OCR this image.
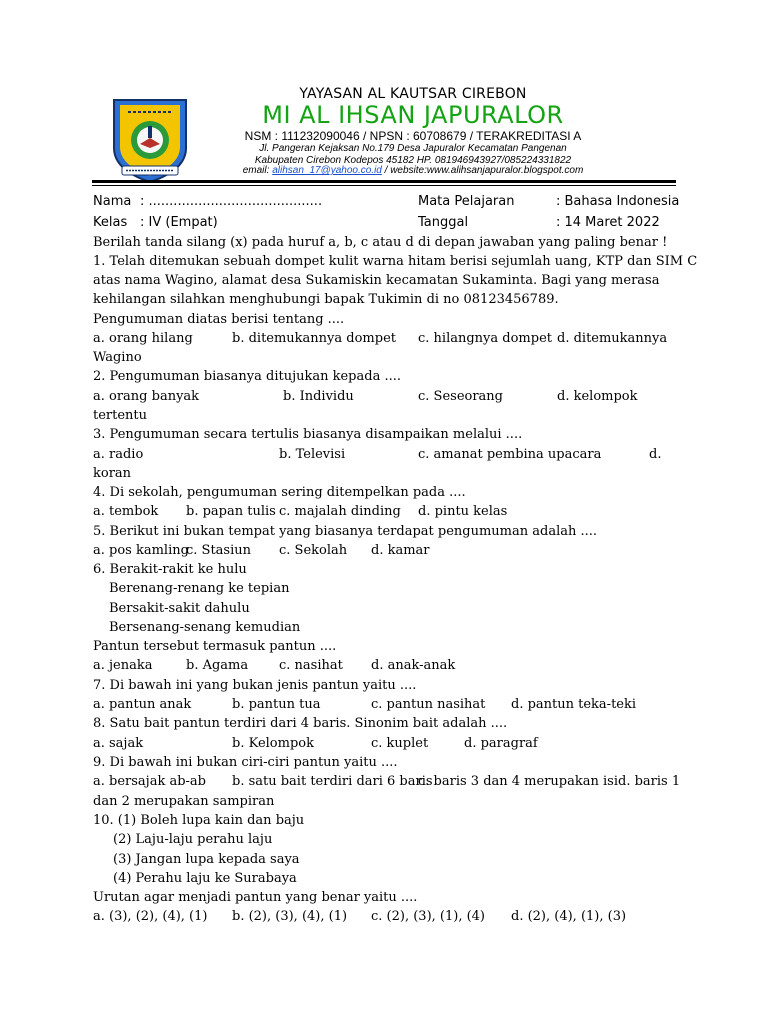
YAYASAN AL KAUTSAR CIREBON
MI AL IHSAN JAPURALOR
NSM : 111232090046 / NPSN : 60708679 / TERAKREDITASI A
Jl. Pangeran Kejaksan No.179 Desa Japuralor Kecamatan Pangenan
Kabupaten Cirebon Kodepos 45182 HP. 081946943927/085224331822
email: alihsan_17@yahoo.co.id / website:www.alihsanjapuralor.blogspot.com
Nama : ..........................................	Mata Pelajaran	: Bahasa Indonesia
Kelas : IV (Empat)	Tanggal	: 14 Maret 2022
Berilah tanda silang (x) pada huruf a, b, c atau d di depan jawaban yang paling benar !
1. Telah ditemukan sebuah dompet kulit warna hitam berisi sejumlah uang, KTP dan SIM C
atas nama Wagino, alamat desa Sukamiskin kecamatan Sukaminta. Bagi yang merasa
kehilangan silahkan menghubungi bapak Tukimin di no 08123456789.
Pengumuman diatas berisi tentang ....
a. orang hilang	b. ditemukannya dompet c. hilangnya dompet d. ditemukannya
Wagino
2. Pengumuman biasanya ditujukan kepada ....
a. orang banyak	b. Individu	c. Seseorang	d. kelompok
tertentu
3. Pengumuman secara tertulis biasanya disampaikan melalui ....
a. radio	b. Televisi	c. amanat pembina upacara	d.
koran
4. Di sekolah, pengumuman sering ditempelkan pada ....
a. tembok b. papan tulis c. majalah dinding d. pintu kelas
5. Berikut ini bukan tempat yang biasanya terdapat pengumuman adalah ....
a. pos kamling
c. Stasiun c. Sekolah d. kamar
6. Berakit-rakit ke hulu
Berenang-renang ke tepian
Bersakit-sakit dahulu
Bersenang-senang kemudian
Pantun tersebut termasuk pantun ....
a. jenaka	b. Agama c. nasihat d. anak-anak
7. Di bawah ini yang bukan jenis pantun yaitu ....
a. pantun anak	b. pantun tua	c. pantun nasihat d. pantun teka-teki
8. Satu bait pantun terdiri dari 4 baris. Sinonim bait adalah ....
a. sajak	b. Kelompok	c. kuplet	d. paragraf
9. Di bawah ini bukan ciri-ciri pantun yaitu ....
a. bersajak ab-ab b. satu bait terdiri dari 6 baris
c. baris 3 dan 4 merupakan isi d. baris 1
dan 2 merupakan sampiran
10. (1) Boleh lupa kain dan baju
(2) Laju-laju perahu laju
(3) Jangan lupa kepada saya
(4) Perahu laju ke Surabaya
Urutan agar menjadi pantun yang benar yaitu ....
a. (3), (2), (4), (1) b. (2), (3), (4), (1) c. (2), (3), (1), (4) d. (2), (4), (1), (3)
